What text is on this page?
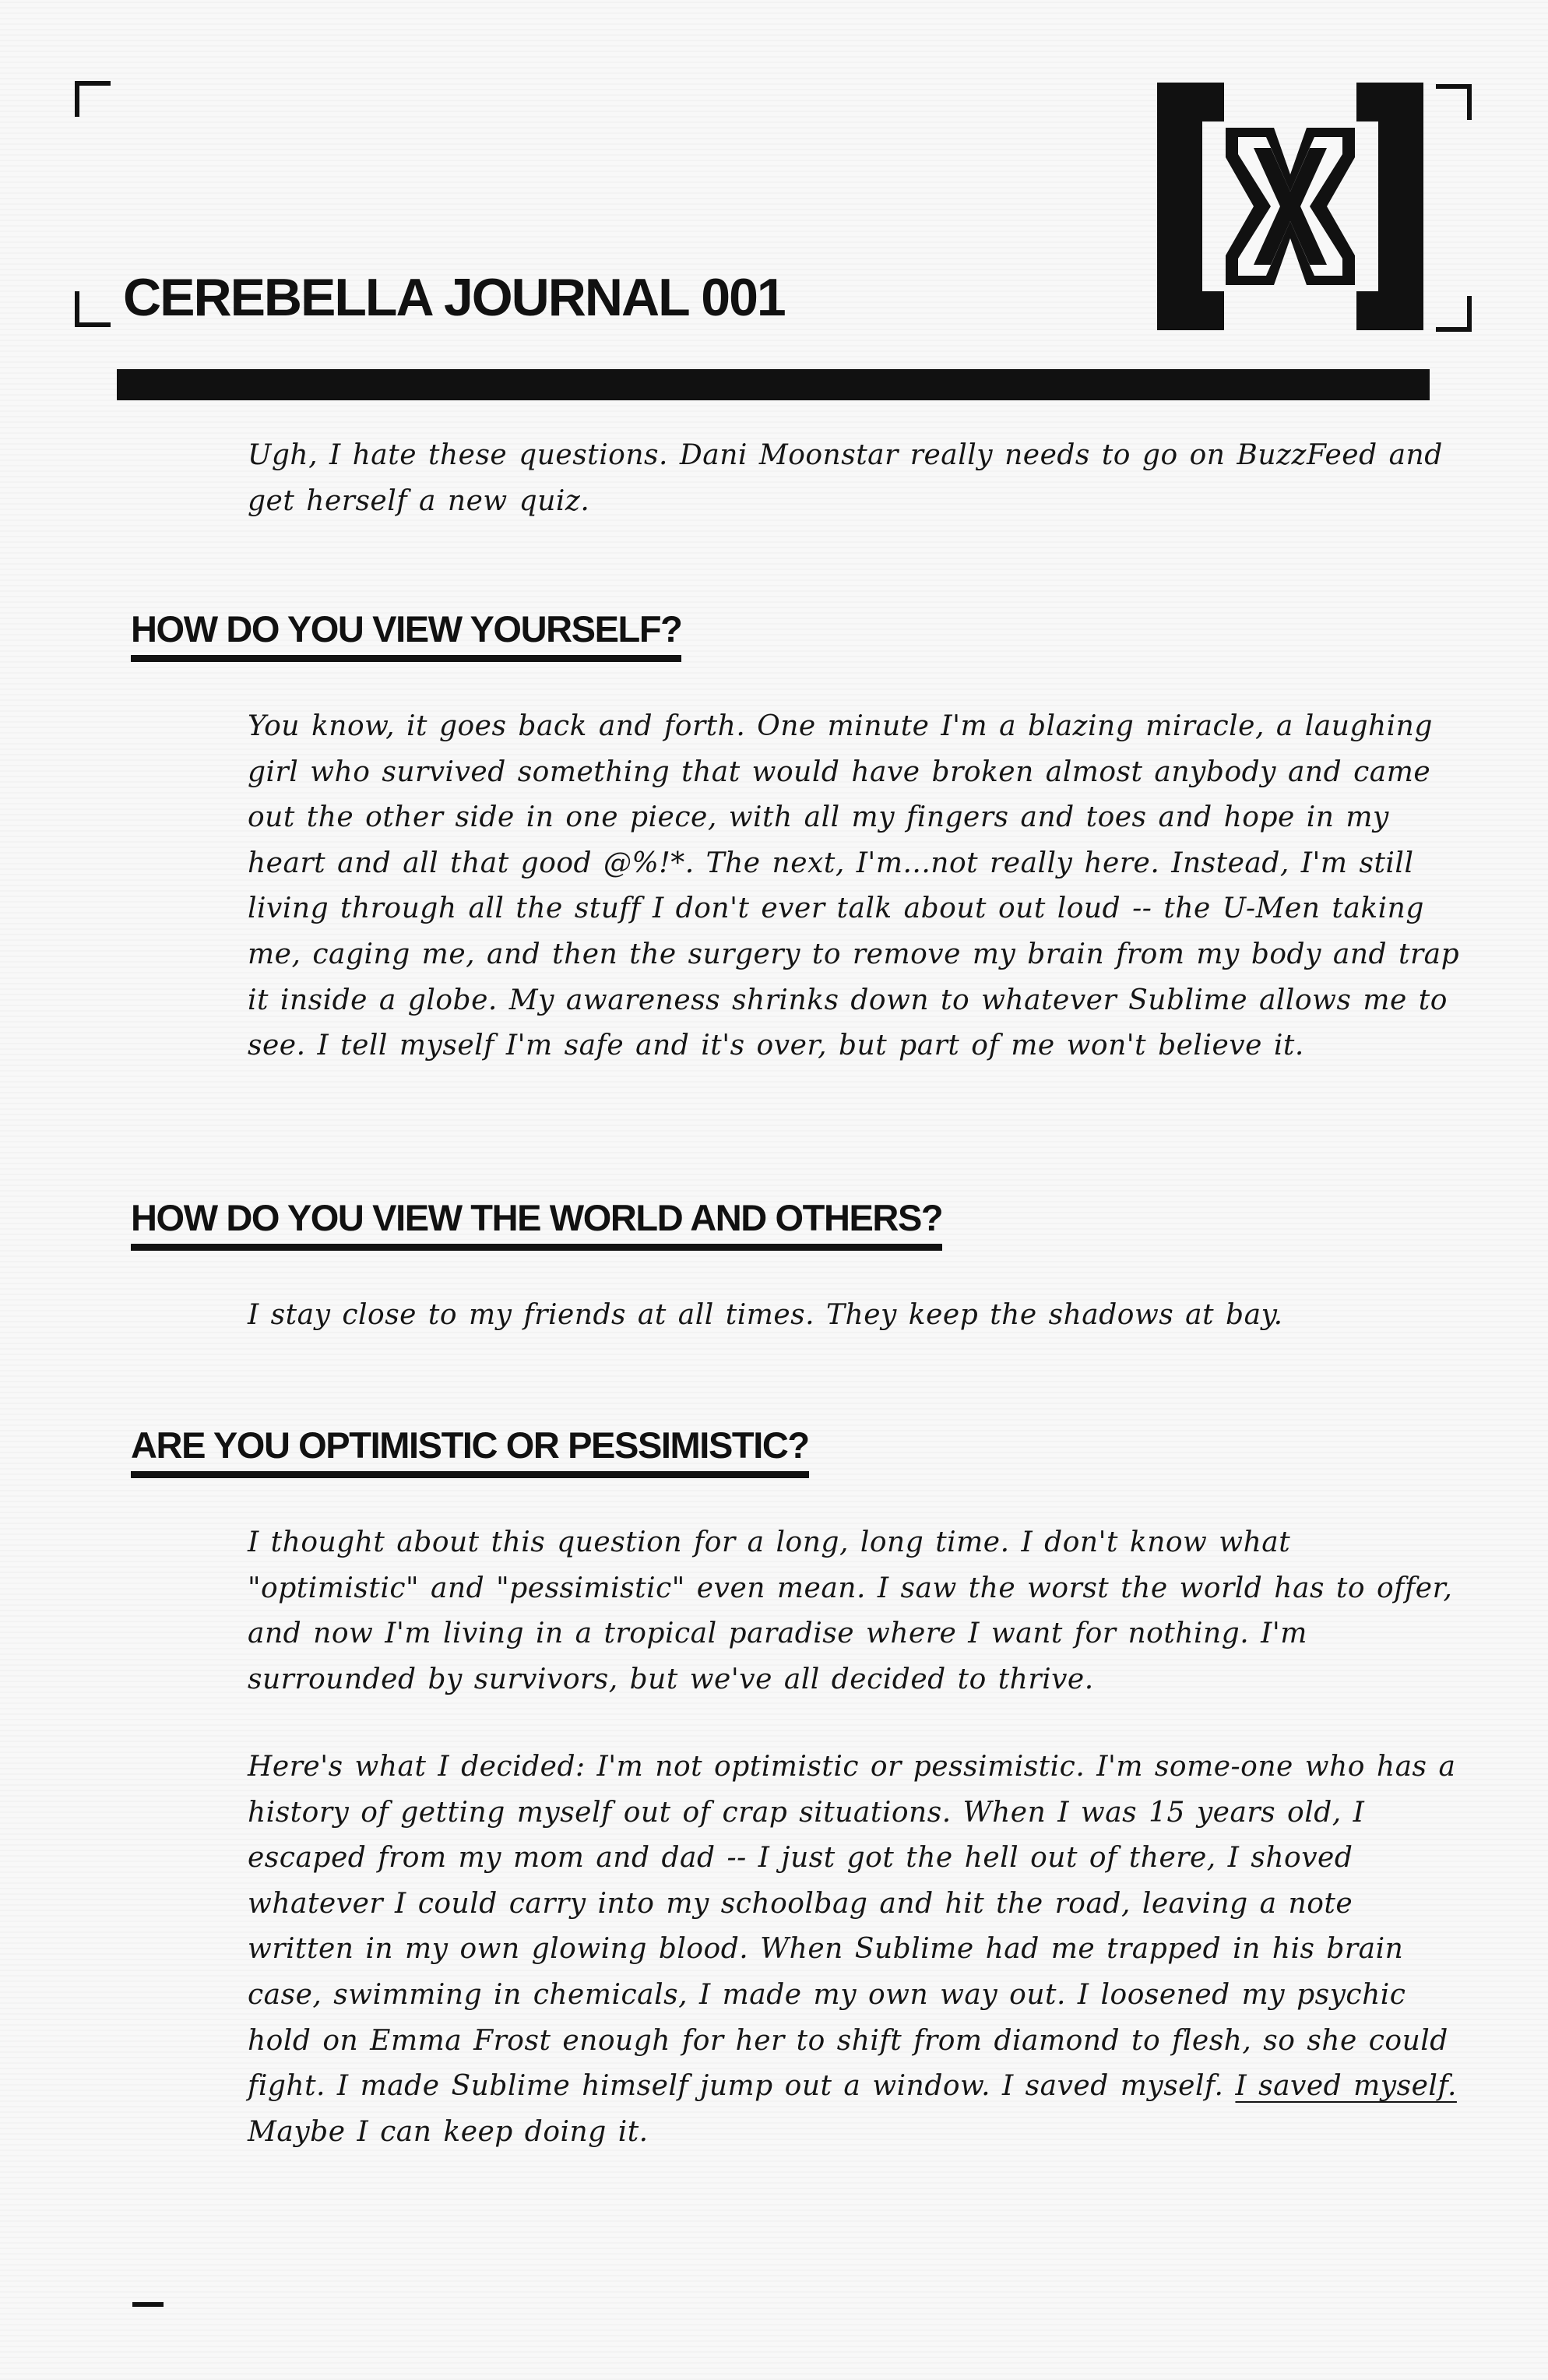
CEREBELLA JOURNAL 001

Ugh, I hate these questions. Dani Moonstar really needs to go on BuzzFeed and get herself a new quiz.

HOW DO YOU VIEW YOURSELF?

You know, it goes back and forth. One minute I'm a blazing miracle, a laughing girl who survived something that would have broken almost anybody and came out the other side in one piece, with all my fingers and toes and hope in my heart and all that good @%!*. The next, I'm...not really here. Instead, I'm still living through all the stuff I don't ever talk about out loud -- the U-Men taking me, caging me, and then the surgery to remove my brain from my body and trap it inside a globe. My awareness shrinks down to whatever Sublime allows me to see. I tell myself I'm safe and it's over, but part of me won't believe it.

HOW DO YOU VIEW THE WORLD AND OTHERS?

I stay close to my friends at all times. They keep the shadows at bay.

ARE YOU OPTIMISTIC OR PESSIMISTIC?

I thought about this question for a long, long time. I don't know what "optimistic" and "pessimistic" even mean. I saw the worst the world has to offer, and now I'm living in a tropical paradise where I want for nothing. I'm surrounded by survivors, but we've all decided to thrive.

Here's what I decided: I'm not optimistic or pessimistic. I'm some-one who has a history of getting myself out of crap situations. When I was 15 years old, I escaped from my mom and dad -- I just got the hell out of there, I shoved whatever I could carry into my schoolbag and hit the road, leaving a note written in my own glowing blood. When Sublime had me trapped in his brain case, swimming in chemicals, I made my own way out. I loosened my psychic hold on Emma Frost enough for her to shift from diamond to flesh, so she could fight. I made Sublime himself jump out a window. I saved myself. I saved myself. Maybe I can keep doing it.
